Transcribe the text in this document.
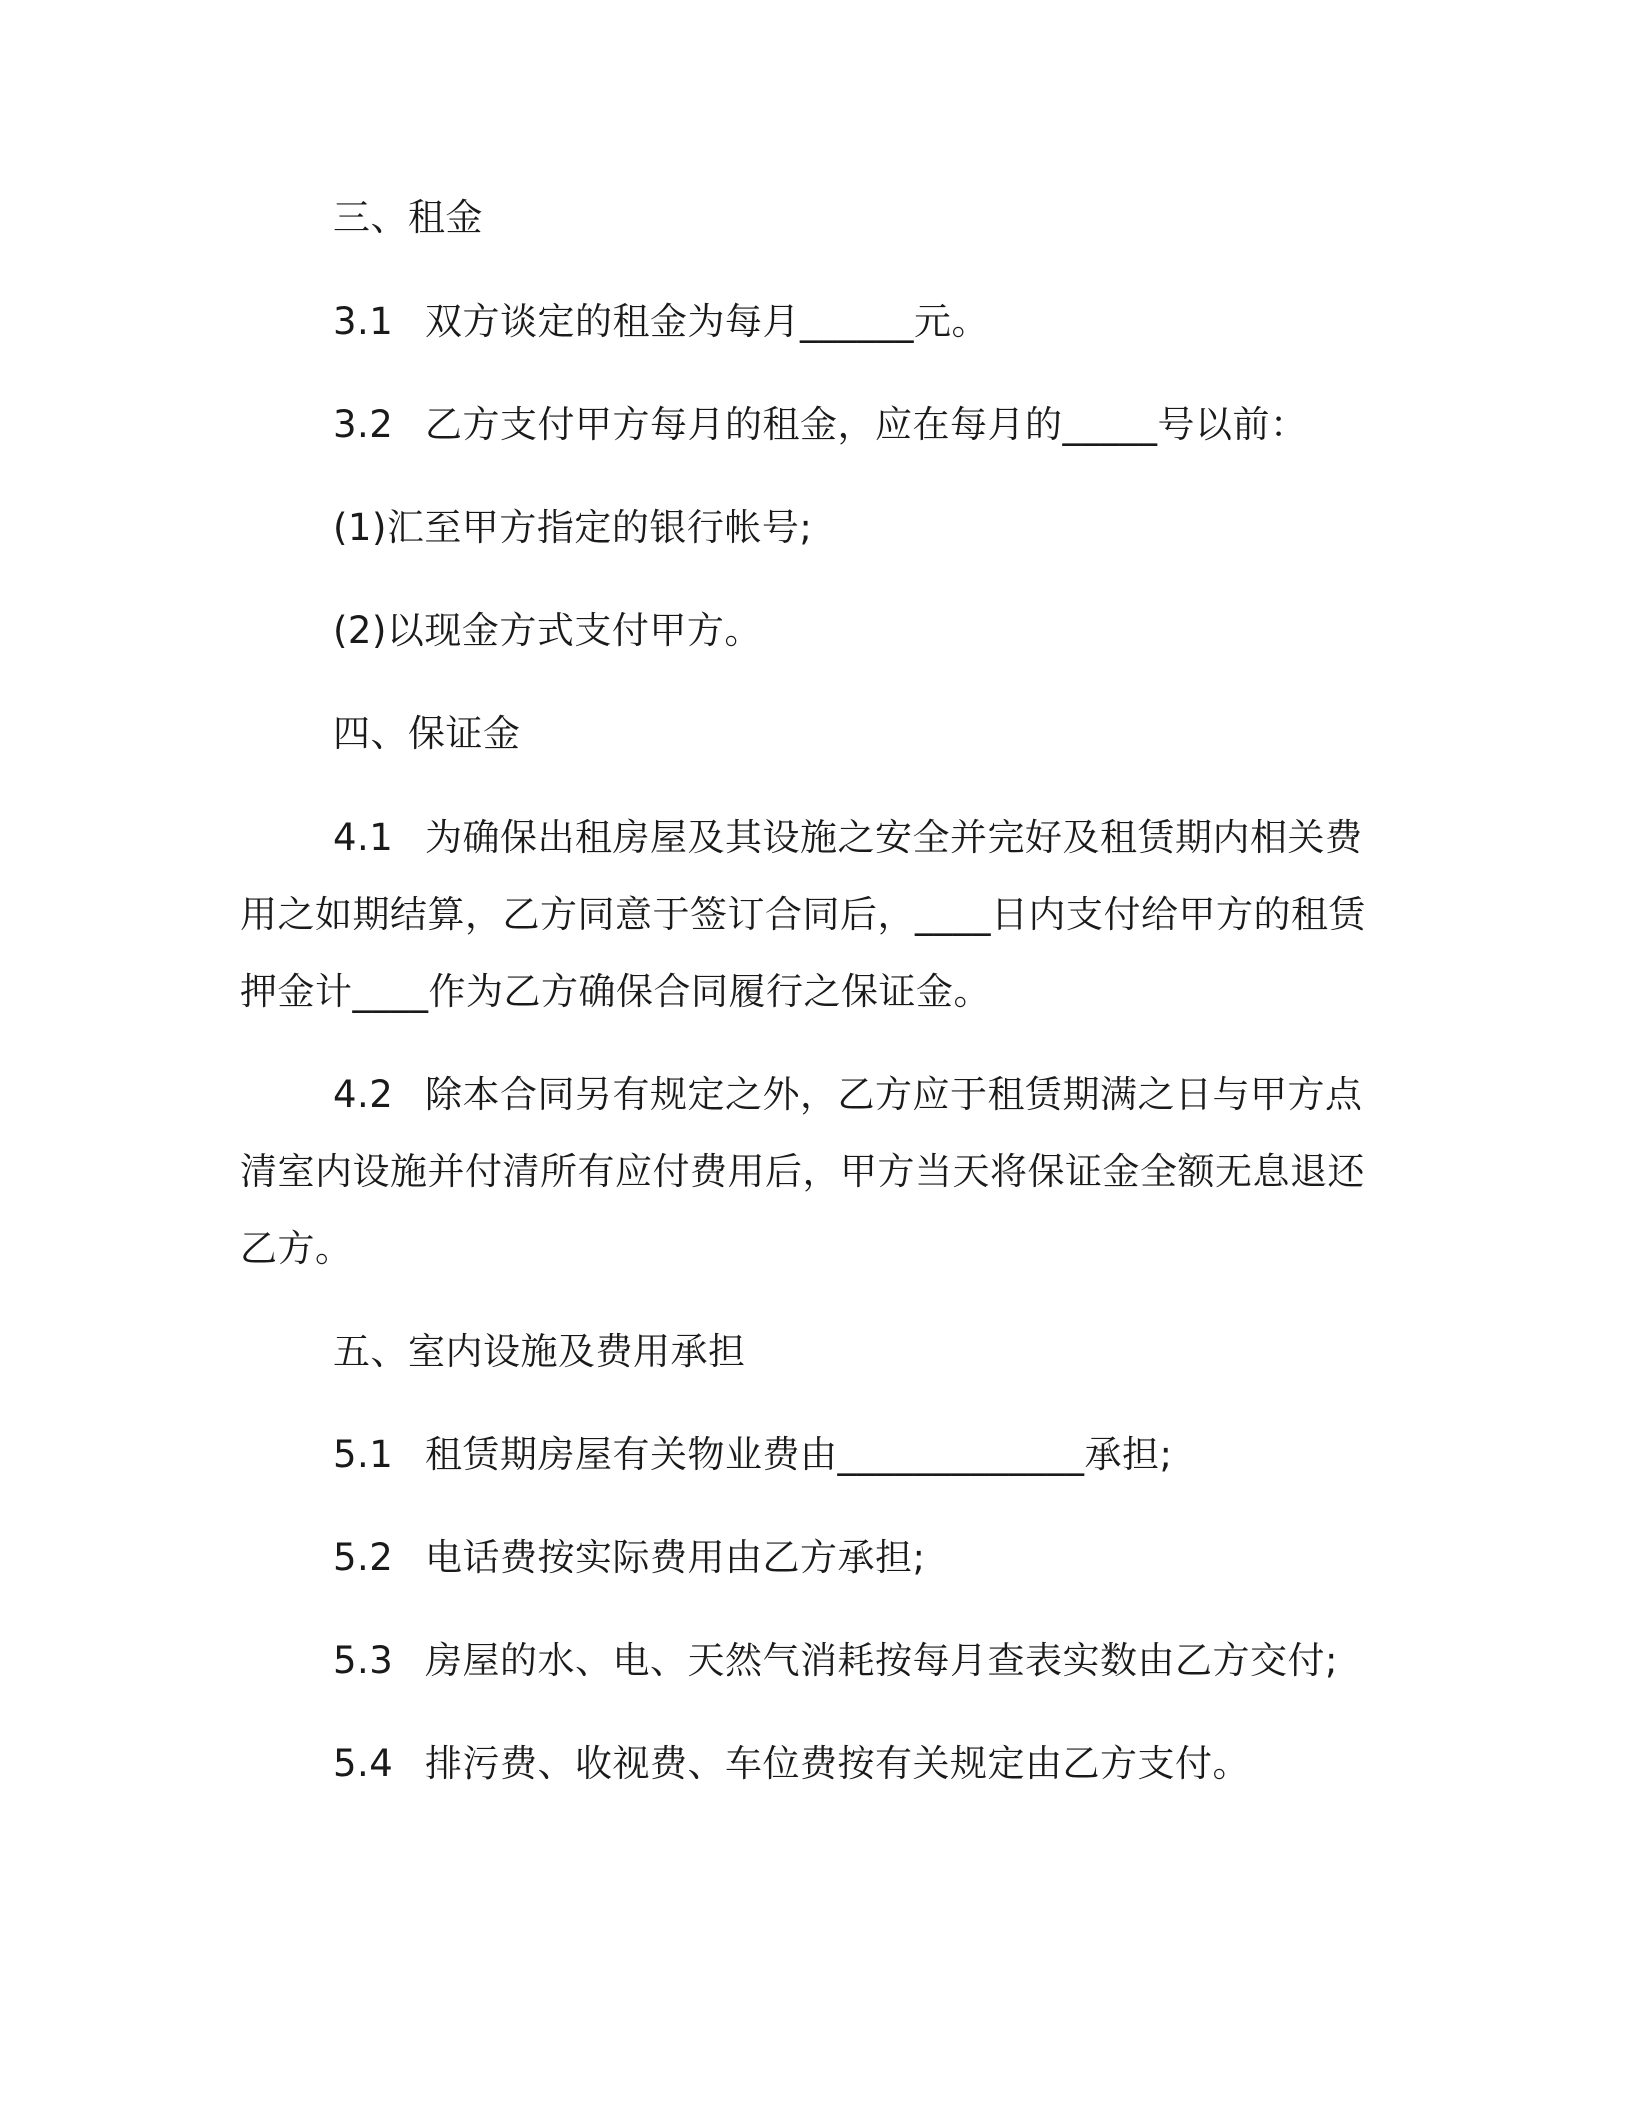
三、租金
3.1 双方谈定的租金为每月______元。
3.2 乙方支付甲方每月的租金，应在每月的_____号以前：
(1)汇至甲方指定的银行帐号;
(2)以现金方式支付甲方。
四、保证金
4.1 为确保出租房屋及其设施之安全并完好及租赁期内相关费
用之如期结算，乙方同意于签订合同后，____日内支付给甲方的租赁
押金计____作为乙方确保合同履行之保证金。
4.2 除本合同另有规定之外，乙方应于租赁期满之日与甲方点
清室内设施并付清所有应付费用后，甲方当天将保证金全额无息退还
乙方。
五、室内设施及费用承担
5.1 租赁期房屋有关物业费由_____________承担;
5.2 电话费按实际费用由乙方承担;
5.3 房屋的水、电、天然气消耗按每月查表实数由乙方交付;
5.4 排污费、收视费、车位费按有关规定由乙方支付。
